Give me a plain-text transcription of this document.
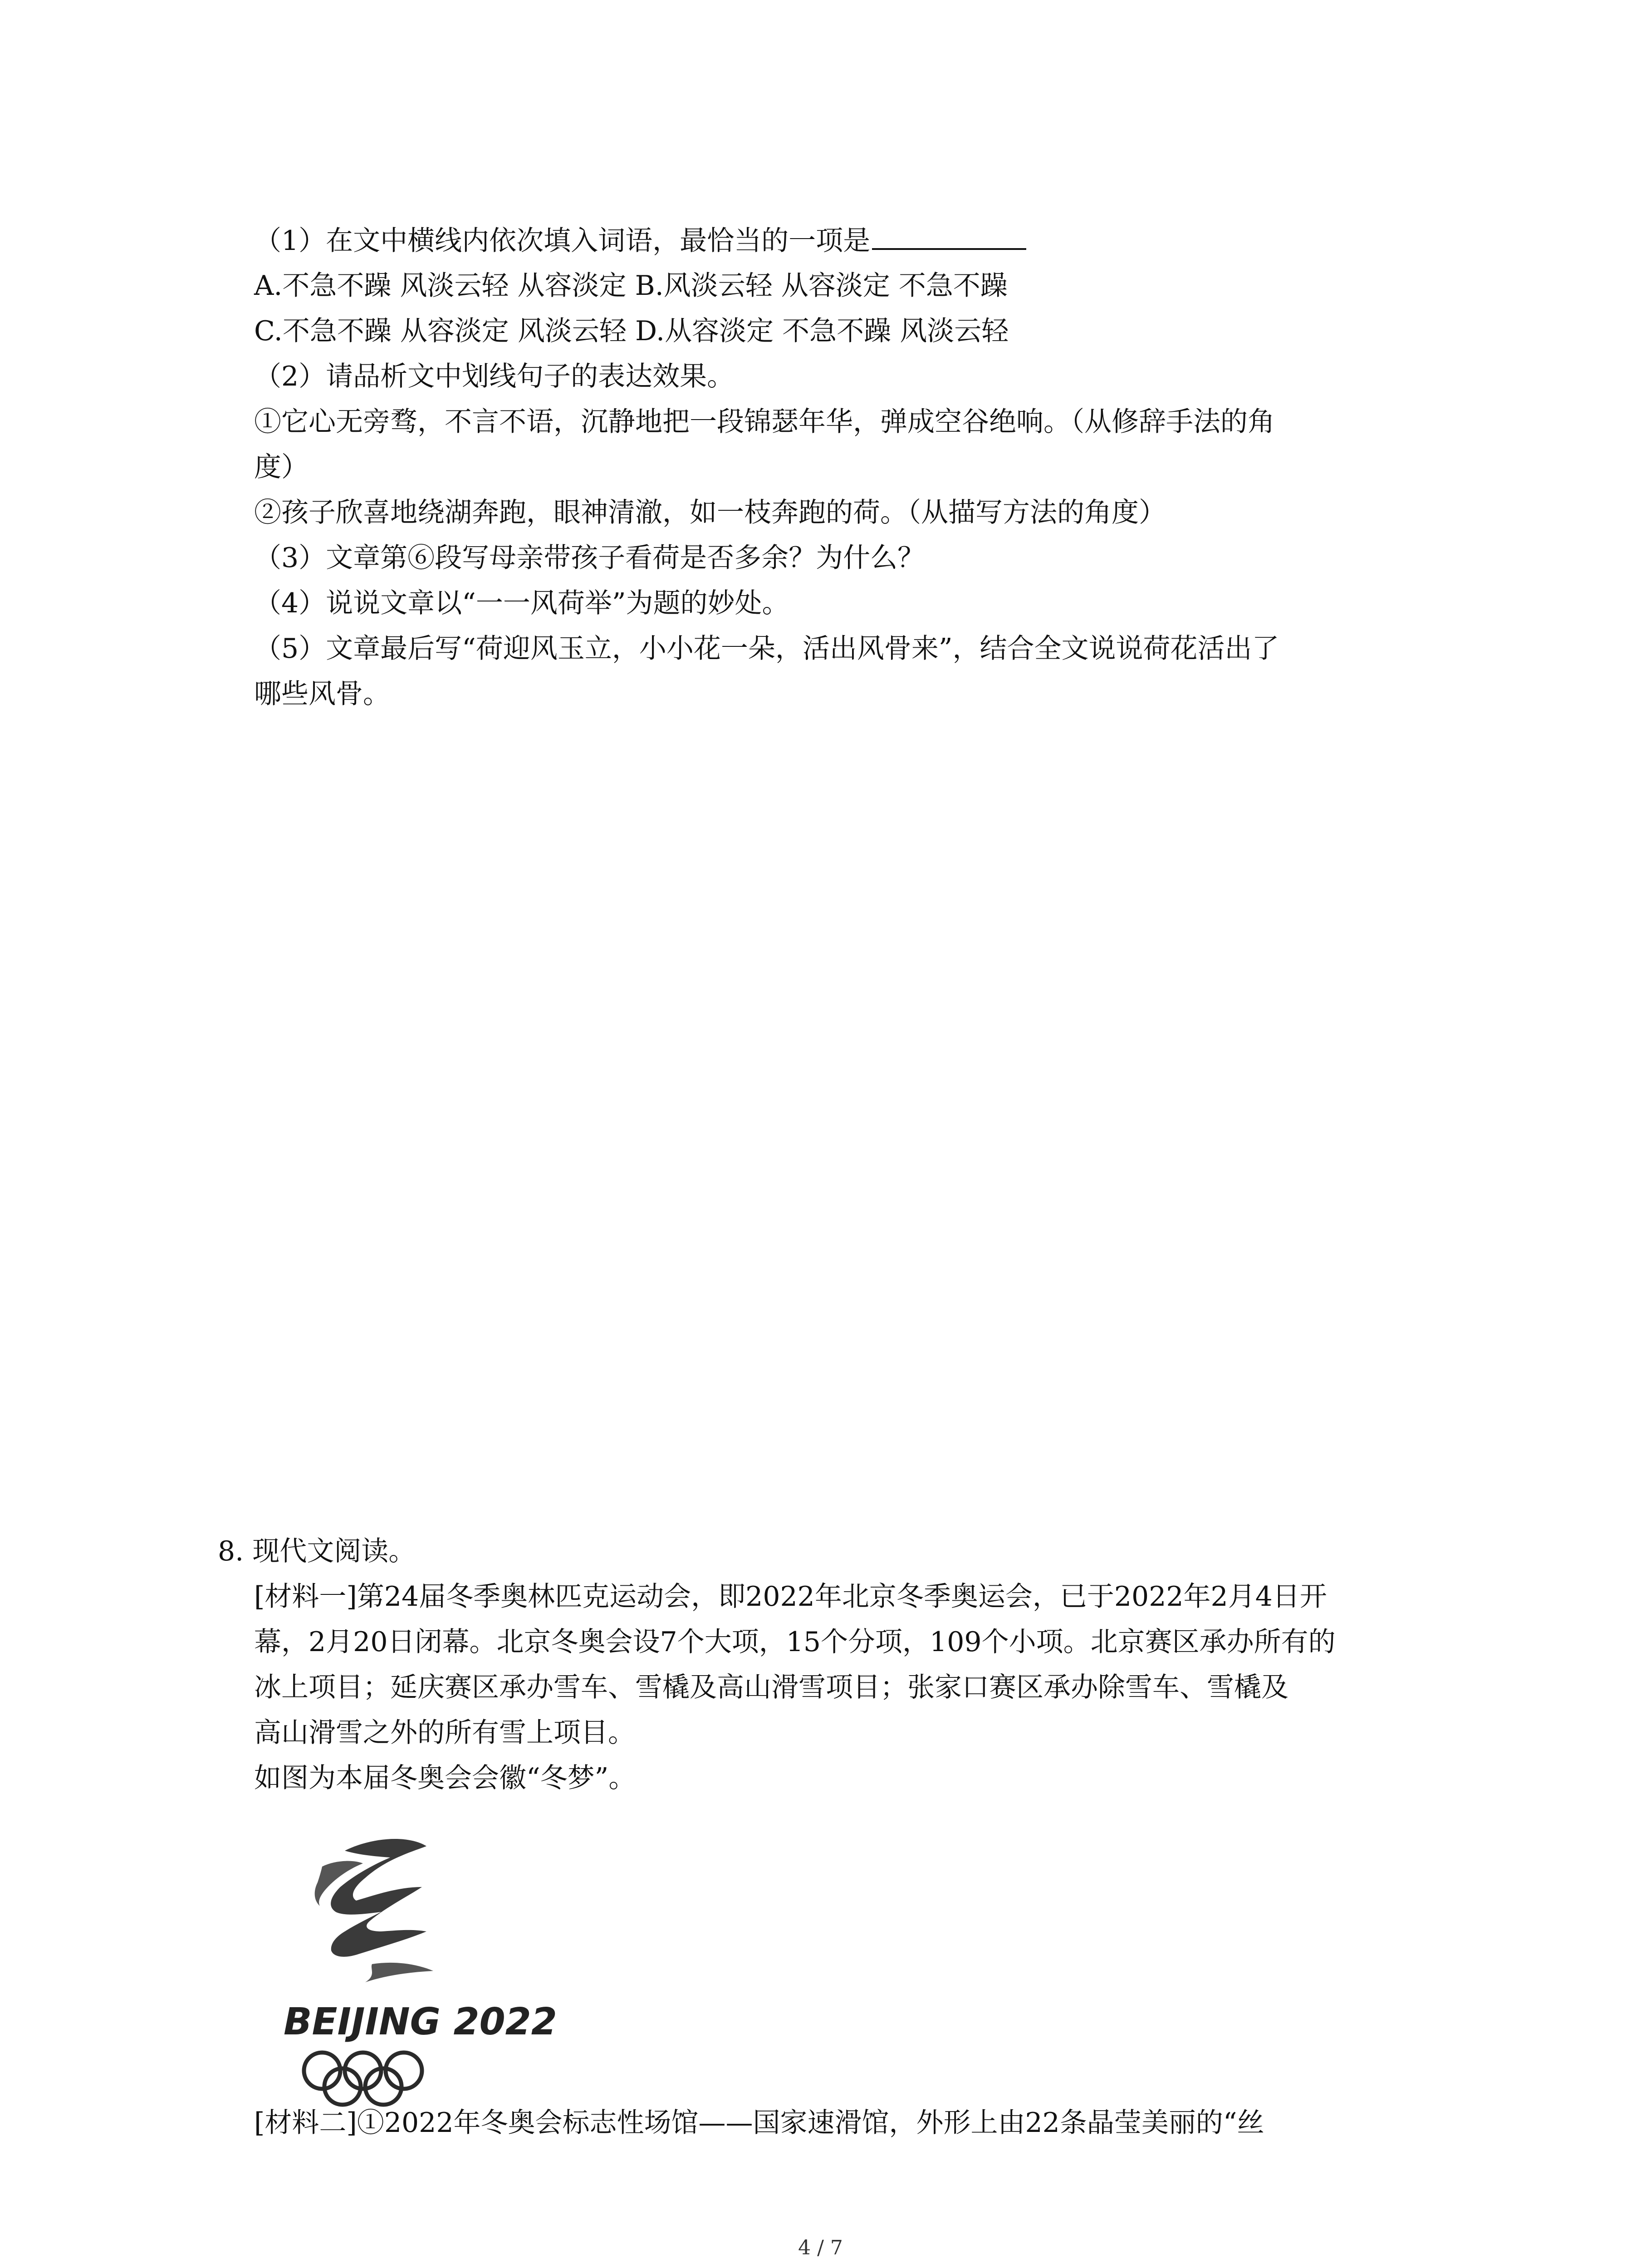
（1）在文中横线内依次填入词语，最恰当的一项是
A.不急不躁 风淡云轻 从容淡定 B.风淡云轻 从容淡定 不急不躁
C.不急不躁 从容淡定 风淡云轻 D.从容淡定 不急不躁 风淡云轻
（2）请品析文中划线句子的表达效果。
①它心无旁骛，不言不语，沉静地把一段锦瑟年华，弹成空谷绝响。（从修辞手法的角
度）
②孩子欣喜地绕湖奔跑，眼神清澈，如一枝奔跑的荷。（从描写方法的角度）
（3）文章第⑥段写母亲带孩子看荷是否多余？为什么？
（4）说说文章以“一一风荷举”为题的妙处。
（5）文章最后写“荷迎风玉立，小小花一朵，活出风骨来”，结合全文说说荷花活出了
哪些风骨。
8. 现代文阅读。
[材料一]第24届冬季奥林匹克运动会，即2022年北京冬季奥运会，已于2022年2月4日开
幕，2月20日闭幕。北京冬奥会设7个大项，15个分项，109个小项。北京赛区承办所有的
冰上项目；延庆赛区承办雪车、雪橇及高山滑雪项目；张家口赛区承办除雪车、雪橇及
高山滑雪之外的所有雪上项目。
如图为本届冬奥会会徽“冬梦”。
BEIJING 2022
[材料二]①2022年冬奥会标志性场馆——国家速滑馆，外形上由22条晶莹美丽的“丝
4 / 7
